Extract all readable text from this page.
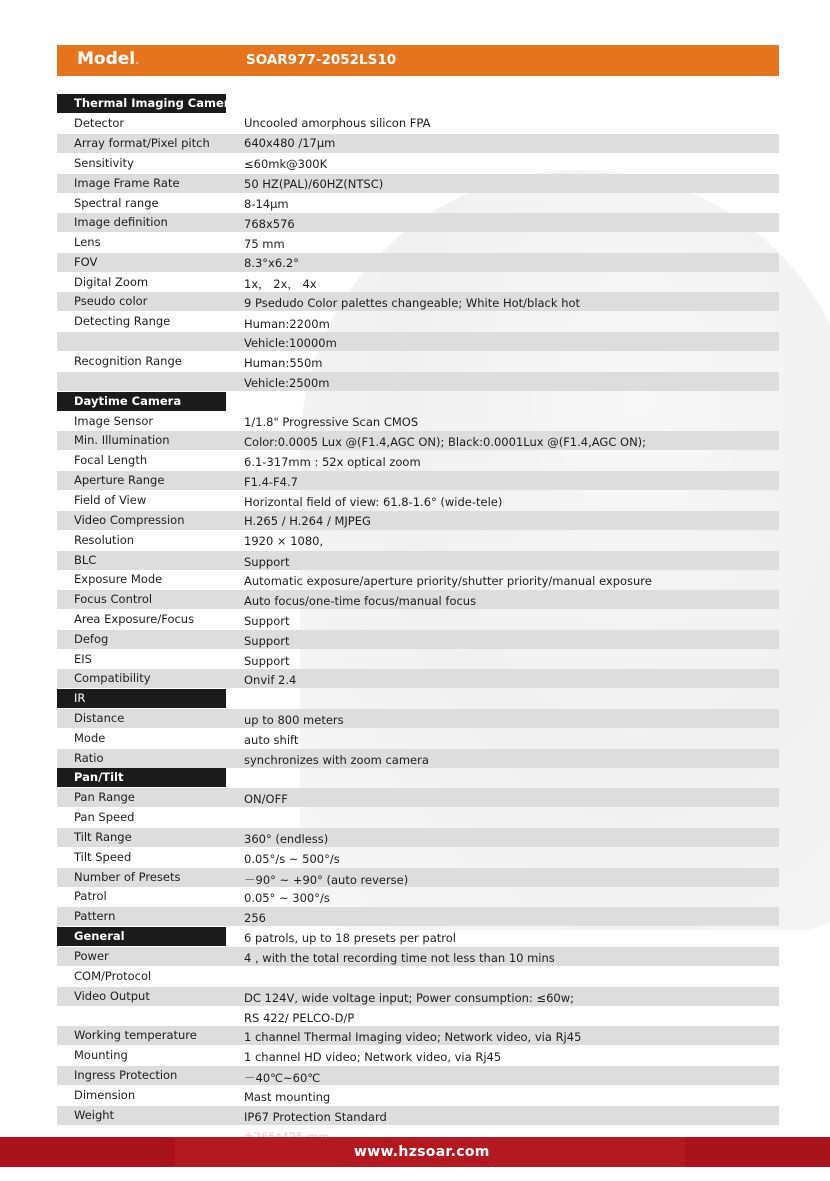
Model.	SOAR977-2052LS10
Thermal Imaging Camera
Detector
Array format/Pixel pitch
Sensitivity
Image Frame Rate
Spectral range
Image definition
Lens
FOV
Digital Zoom
Pseudo color
Detecting Range
Recognition Range
Daytime Camera
Image Sensor
Min. Illumination
Focal Length
Aperture Range
Field of View
Video Compression
Resolution
BLC
Exposure Mode
Focus Control
Area Exposure/Focus
Defog
EIS
Compatibility
IR
Distance
Mode
Ratio
Pan/Tilt
Pan Range
Pan Speed
Tilt Range
Tilt Speed
Number of Presets
Patrol
Pattern
General
Power
COM/Protocol
Video Output
Working temperature
Mounting
Ingress Protection
Dimension
Weight
Uncooled amorphous silicon FPA
640x480 /17μm
≤60mk@300K
50 HZ(PAL)/60HZ(NTSC)
8-14μm
768x576
75 mm
8.3°x6.2°
1x， 2x， 4x
9 Psedudo Color palettes changeable; White Hot/black hot
Human:2200m
Vehicle:10000m
Human:550m
Vehicle:2500m
1/1.8" Progressive Scan CMOS
Color:0.0005 Lux @(F1.4,AGC ON); Black:0.0001Lux @(F1.4,AGC ON);
6.1-317mm : 52x optical zoom
F1.4-F4.7
Horizontal field of view: 61.8-1.6° (wide-tele)
H.265 / H.264 / MJPEG
1920 × 1080,
Support
Automatic exposure/aperture priority/shutter priority/manual exposure
Auto focus/one-time focus/manual focus
Support
Support
Support
Onvif 2.4
up to 800 meters
auto shift
synchronizes with zoom camera
ON/OFF
360° (endless)
0.05°/s ~ 500°/s
－90° ~ +90° (auto reverse)
0.05° ~ 300°/s
256
6 patrols, up to 18 presets per patrol
4 , with the total recording time not less than 10 mins
DC 124V, wide voltage input; Power consumption: ≤60w;
RS 422/ PELCO-D/P
1 channel Thermal Imaging video; Network video, via Rj45
1 channel HD video; Network video, via Rj45
－40℃~60℃
Mast mounting
IP67 Protection Standard
www.hzsoar.com
